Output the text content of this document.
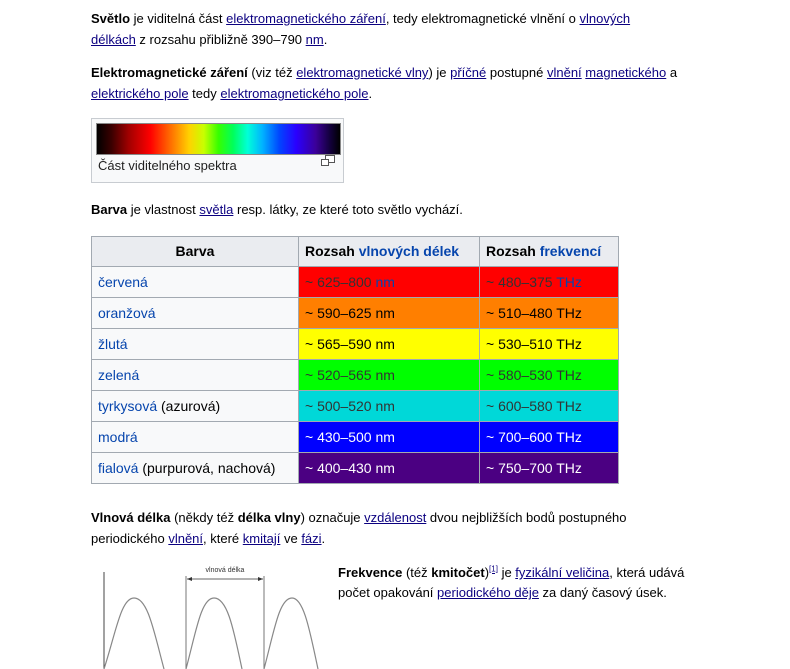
Světlo je viditelná část elektromagnetického záření, tedy elektromagnetické vlnění o vlnových

délkách z rozsahu přibližně 390–790 nm.

Elektromagnetické záření (viz též elektromagnetické vlny) je příčné postupné vlnění magnetického a

elektrického pole tedy elektromagnetického pole.

Část viditelného spektra

Barva je vlastnost světla resp. látky, ze které toto světlo vychází.

Barva	Rozsah vlnových délek	Rozsah frekvencí
červená	~ 625–800 nm	~ 480–375 THz
oranžová	~ 590–625 nm	~ 510–480 THz
žlutá	~ 565–590 nm	~ 530–510 THz
zelená	~ 520–565 nm	~ 580–530 THz
tyrkysová (azurová)	~ 500–520 nm	~ 600–580 THz
modrá	~ 430–500 nm	~ 700–600 THz
fialová (purpurová, nachová)	~ 400–430 nm	~ 750–700 THz

Vlnová délka (někdy též délka vlny) označuje vzdálenost dvou nejbližších bodů postupného

periodického vlnění, které kmitají ve fázi.

Frekvence (též kmitočet)[1] je fyzikální veličina, která udává

počet opakování periodického děje za daný časový úsek.

vlnová délka
